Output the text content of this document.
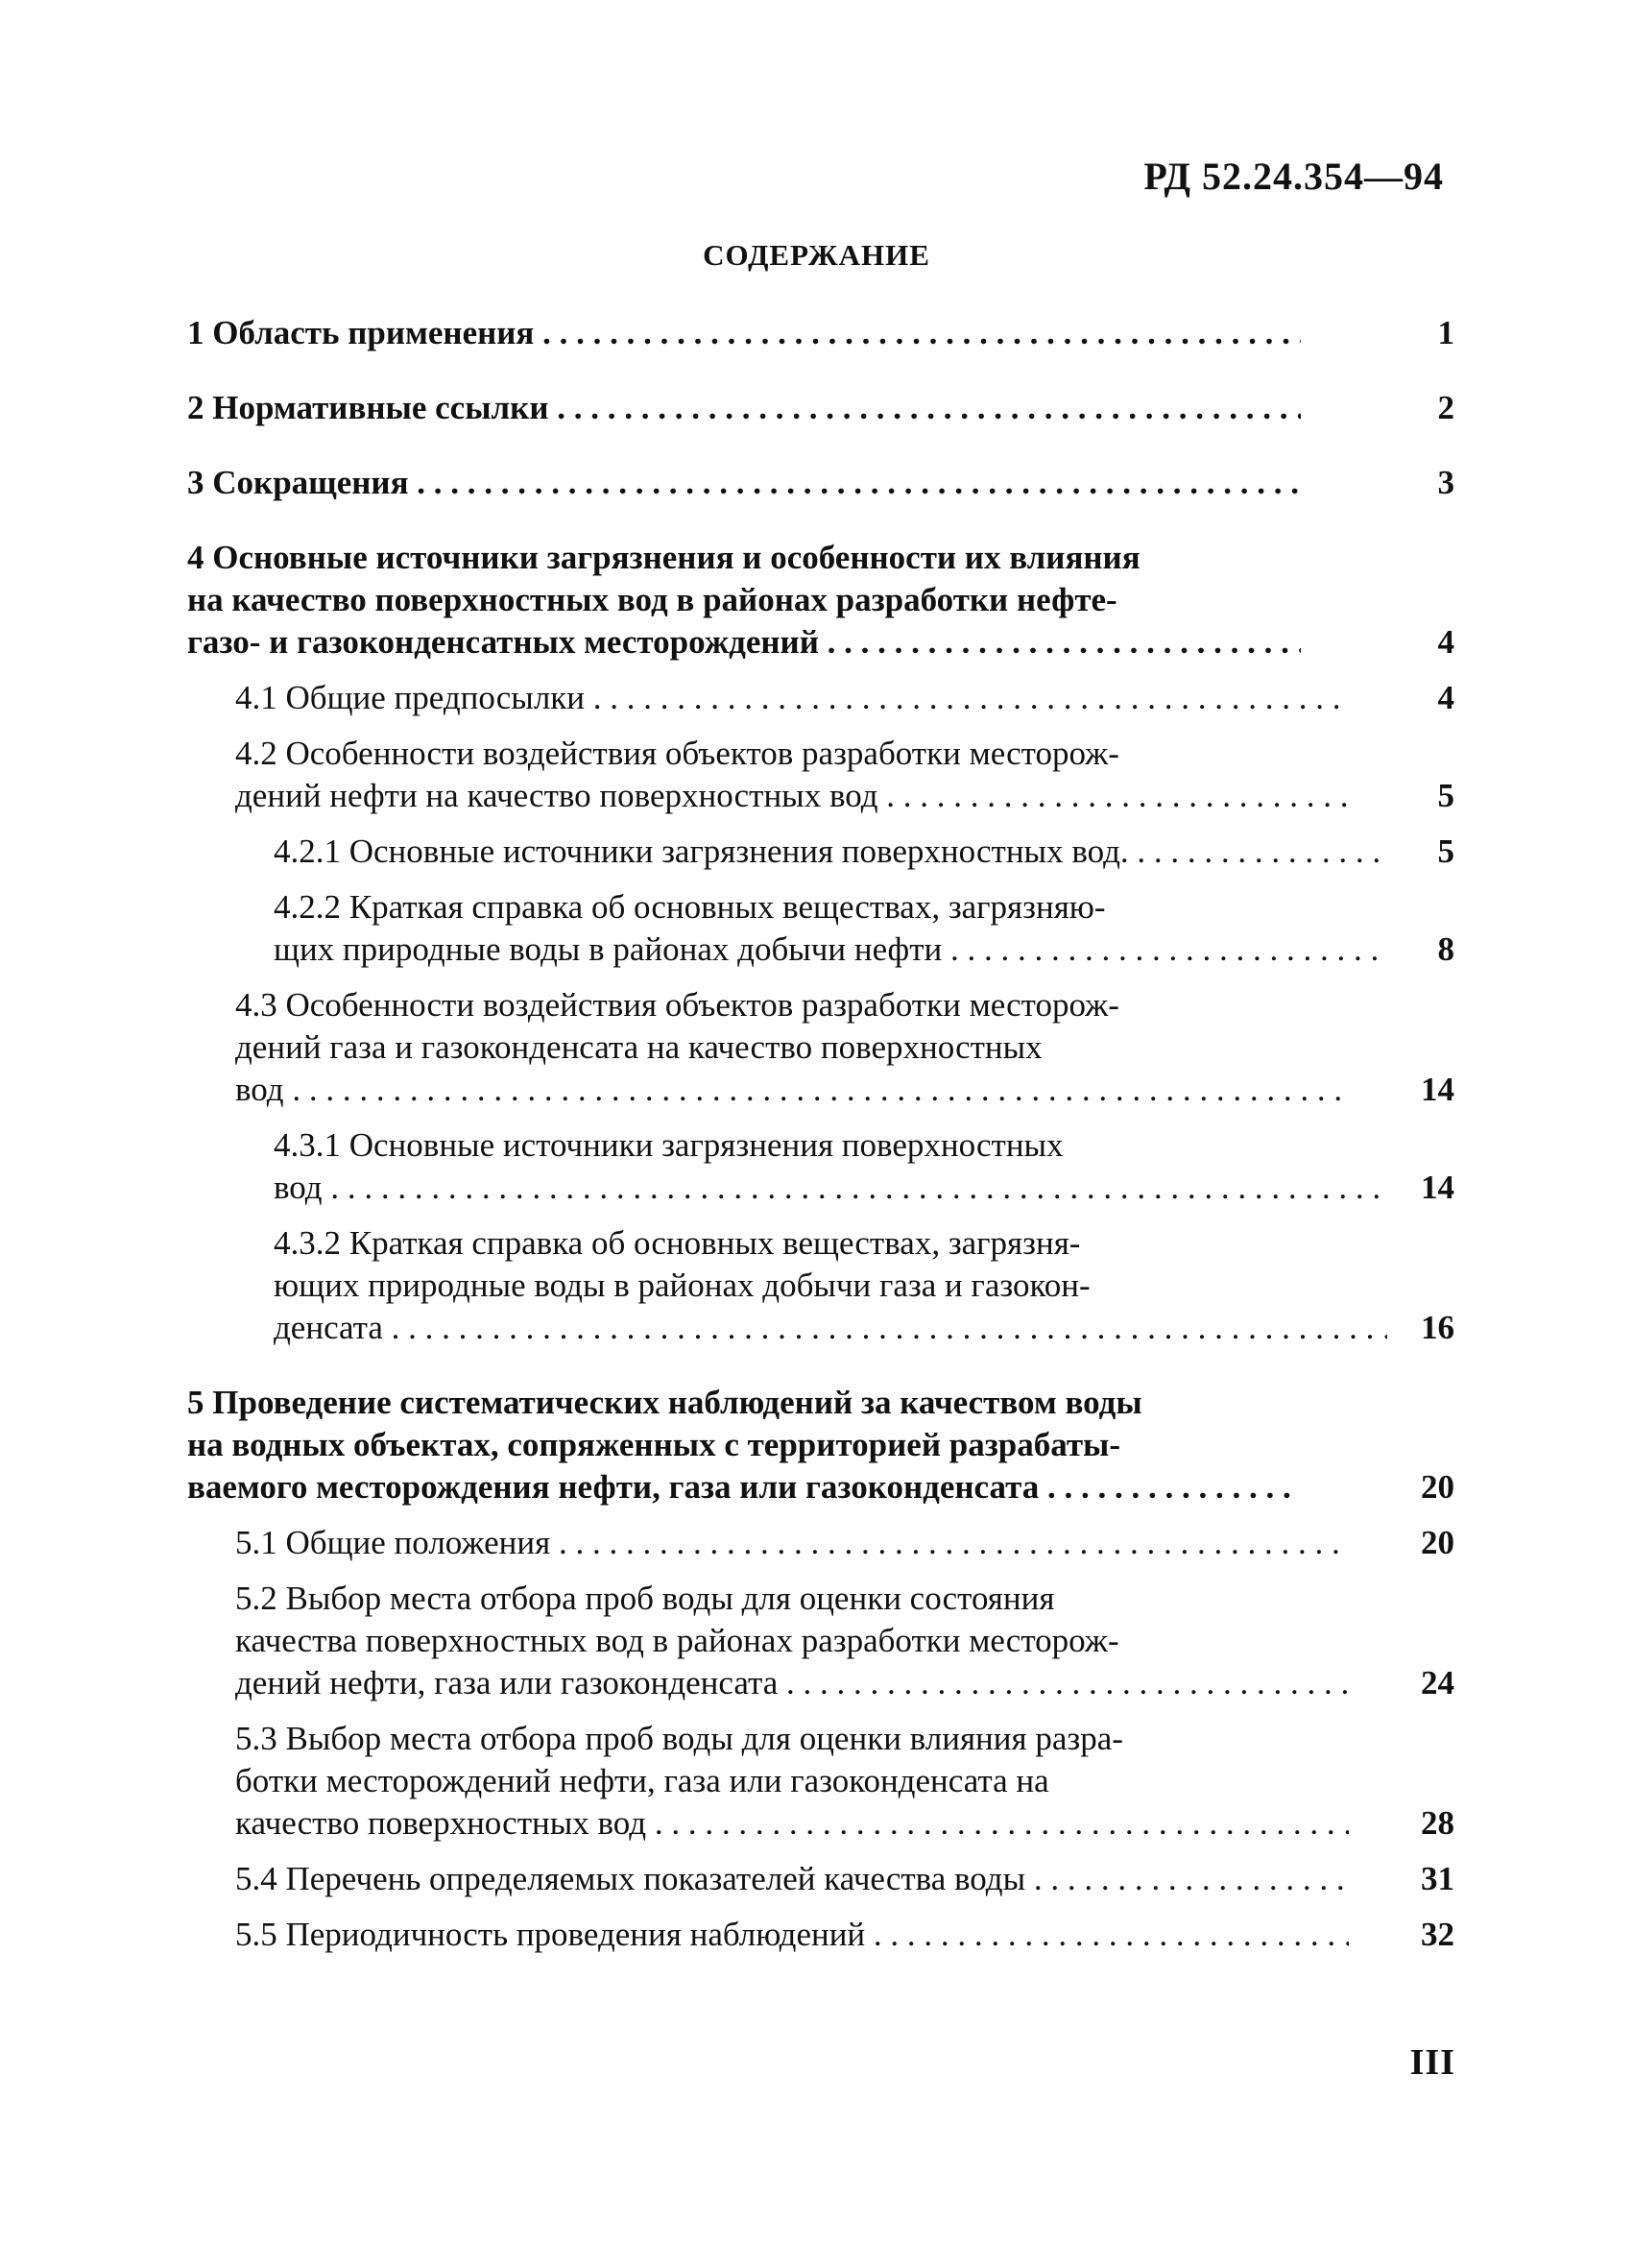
РД 52.24.354—94
СОДЕРЖАНИЕ
1 Область применения . . .	1
2 Нормативные ссылки . . .	2
3 Сокращения . . .	3
4 Основные источники загрязнения и особенности их влияния
на качество поверхностных вод в районах разработки нефте-
газо- и газоконденсатных месторождений . . .	4
4.1 Общие предпосылки . . .	4
4.2 Особенности воздействия объектов разработки месторож-
дений нефти на качество поверхностных вод . . .	5
4.2.1 Основные источники загрязнения поверхностных вод. . . .	5
4.2.2 Краткая справка об основных веществах, загрязняю-
щих природные воды в районах добычи нефти . . .	8
4.3 Особенности воздействия объектов разработки месторож-
дений газа и газоконденсата на качество поверхностных
вод . . .	14
4.3.1 Основные источники загрязнения поверхностных
вод . . .	14
4.3.2 Краткая справка об основных веществах, загрязня-
ющих природные воды в районах добычи газа и газокон-
денсата . . .	16
5 Проведение систематических наблюдений за качеством воды
на водных объектах, сопряженных с территорией разрабаты-
ваемого месторождения нефти, газа или газоконденсата . . .	20
5.1 Общие положения . . .	20
5.2 Выбор места отбора проб воды для оценки состояния
качества поверхностных вод в районах разработки месторож-
дений нефти, газа или газоконденсата . . .	24
5.3 Выбор места отбора проб воды для оценки влияния разра-
ботки месторождений нефти, газа или газоконденсата на
качество поверхностных вод . . .	28
5.4 Перечень определяемых показателей качества воды . . .	31
5.5 Периодичность проведения наблюдений . . .	32
III
